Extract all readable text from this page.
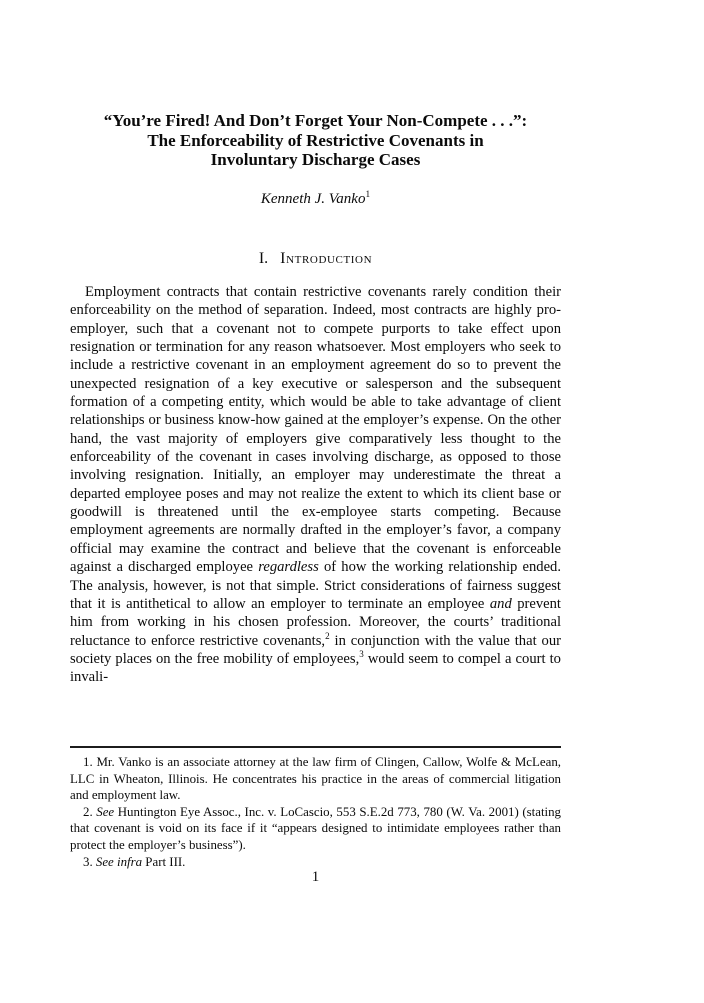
“You’re Fired! And Don’t Forget Your Non-Compete . . .”:
The Enforceability of Restrictive Covenants in
Involuntary Discharge Cases
Kenneth J. Vanko$^1$
I. Introduction
Employment contracts that contain restrictive covenants rarely condition their enforceability on the method of separation. Indeed, most contracts are highly pro-employer, such that a covenant not to compete purports to take effect upon resignation or termination for any reason whatsoever. Most employers who seek to include a restrictive covenant in an employment agreement do so to prevent the unexpected resignation of a key executive or salesperson and the subsequent formation of a competing entity, which would be able to take advantage of client relationships or business know-how gained at the employer’s expense. On the other hand, the vast majority of employers give comparatively less thought to the enforceability of the covenant in cases involving discharge, as opposed to those involving resignation. Initially, an employer may underestimate the threat a departed employee poses and may not realize the extent to which its client base or goodwill is threatened until the ex-employee starts competing. Because employment agreements are normally drafted in the employer’s favor, a company official may examine the contract and believe that the covenant is enforceable against a discharged employee regardless of how the working relationship ended. The analysis, however, is not that simple. Strict considerations of fairness suggest that it is antithetical to allow an employer to terminate an employee and prevent him from working in his chosen profession. Moreover, the courts’ traditional reluctance to enforce restrictive covenants,$^2$ in conjunction with the value that our society places on the free mobility of employees,$^3$ would seem to compel a court to invali-

1. Mr. Vanko is an associate attorney at the law firm of Clingen, Callow, Wolfe & McLean, LLC in Wheaton, Illinois. He concentrates his practice in the areas of commercial litigation and employment law.

2. See Huntington Eye Assoc., Inc. v. LoCascio, 553 S.E.2d 773, 780 (W. Va. 2001) (stating that covenant is void on its face if it “appears designed to intimidate employees rather than protect the employer’s business”).

3. See infra Part III.

1
